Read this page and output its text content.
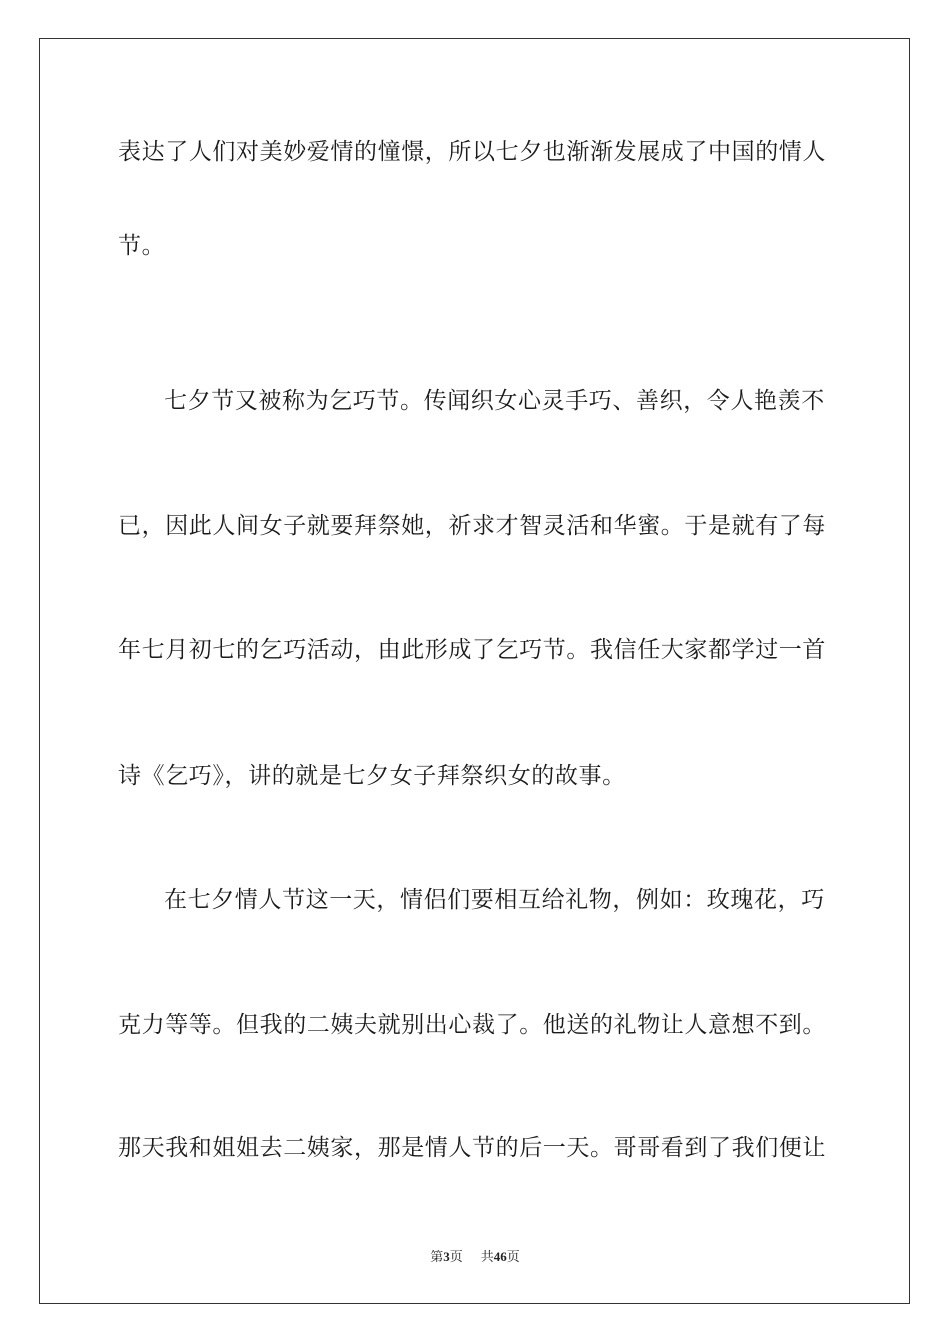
表达了人们对美妙爱情的憧憬，所以七夕也渐渐发展成了中国的情人
节。
七夕节又被称为乞巧节。传闻织女心灵手巧、善织，令人艳羡不
已，因此人间女子就要拜祭她，祈求才智灵活和华蜜。于是就有了每
年七月初七的乞巧活动，由此形成了乞巧节。我信任大家都学过一首
诗《乞巧》，讲的就是七夕女子拜祭织女的故事。
在七夕情人节这一天，情侣们要相互给礼物，例如：玫瑰花，巧
克力等等。但我的二姨夫就别出心裁了。他送的礼物让人意想不到。
那天我和姐姐去二姨家，那是情人节的后一天。哥哥看到了我们便让
第3页 共46页
